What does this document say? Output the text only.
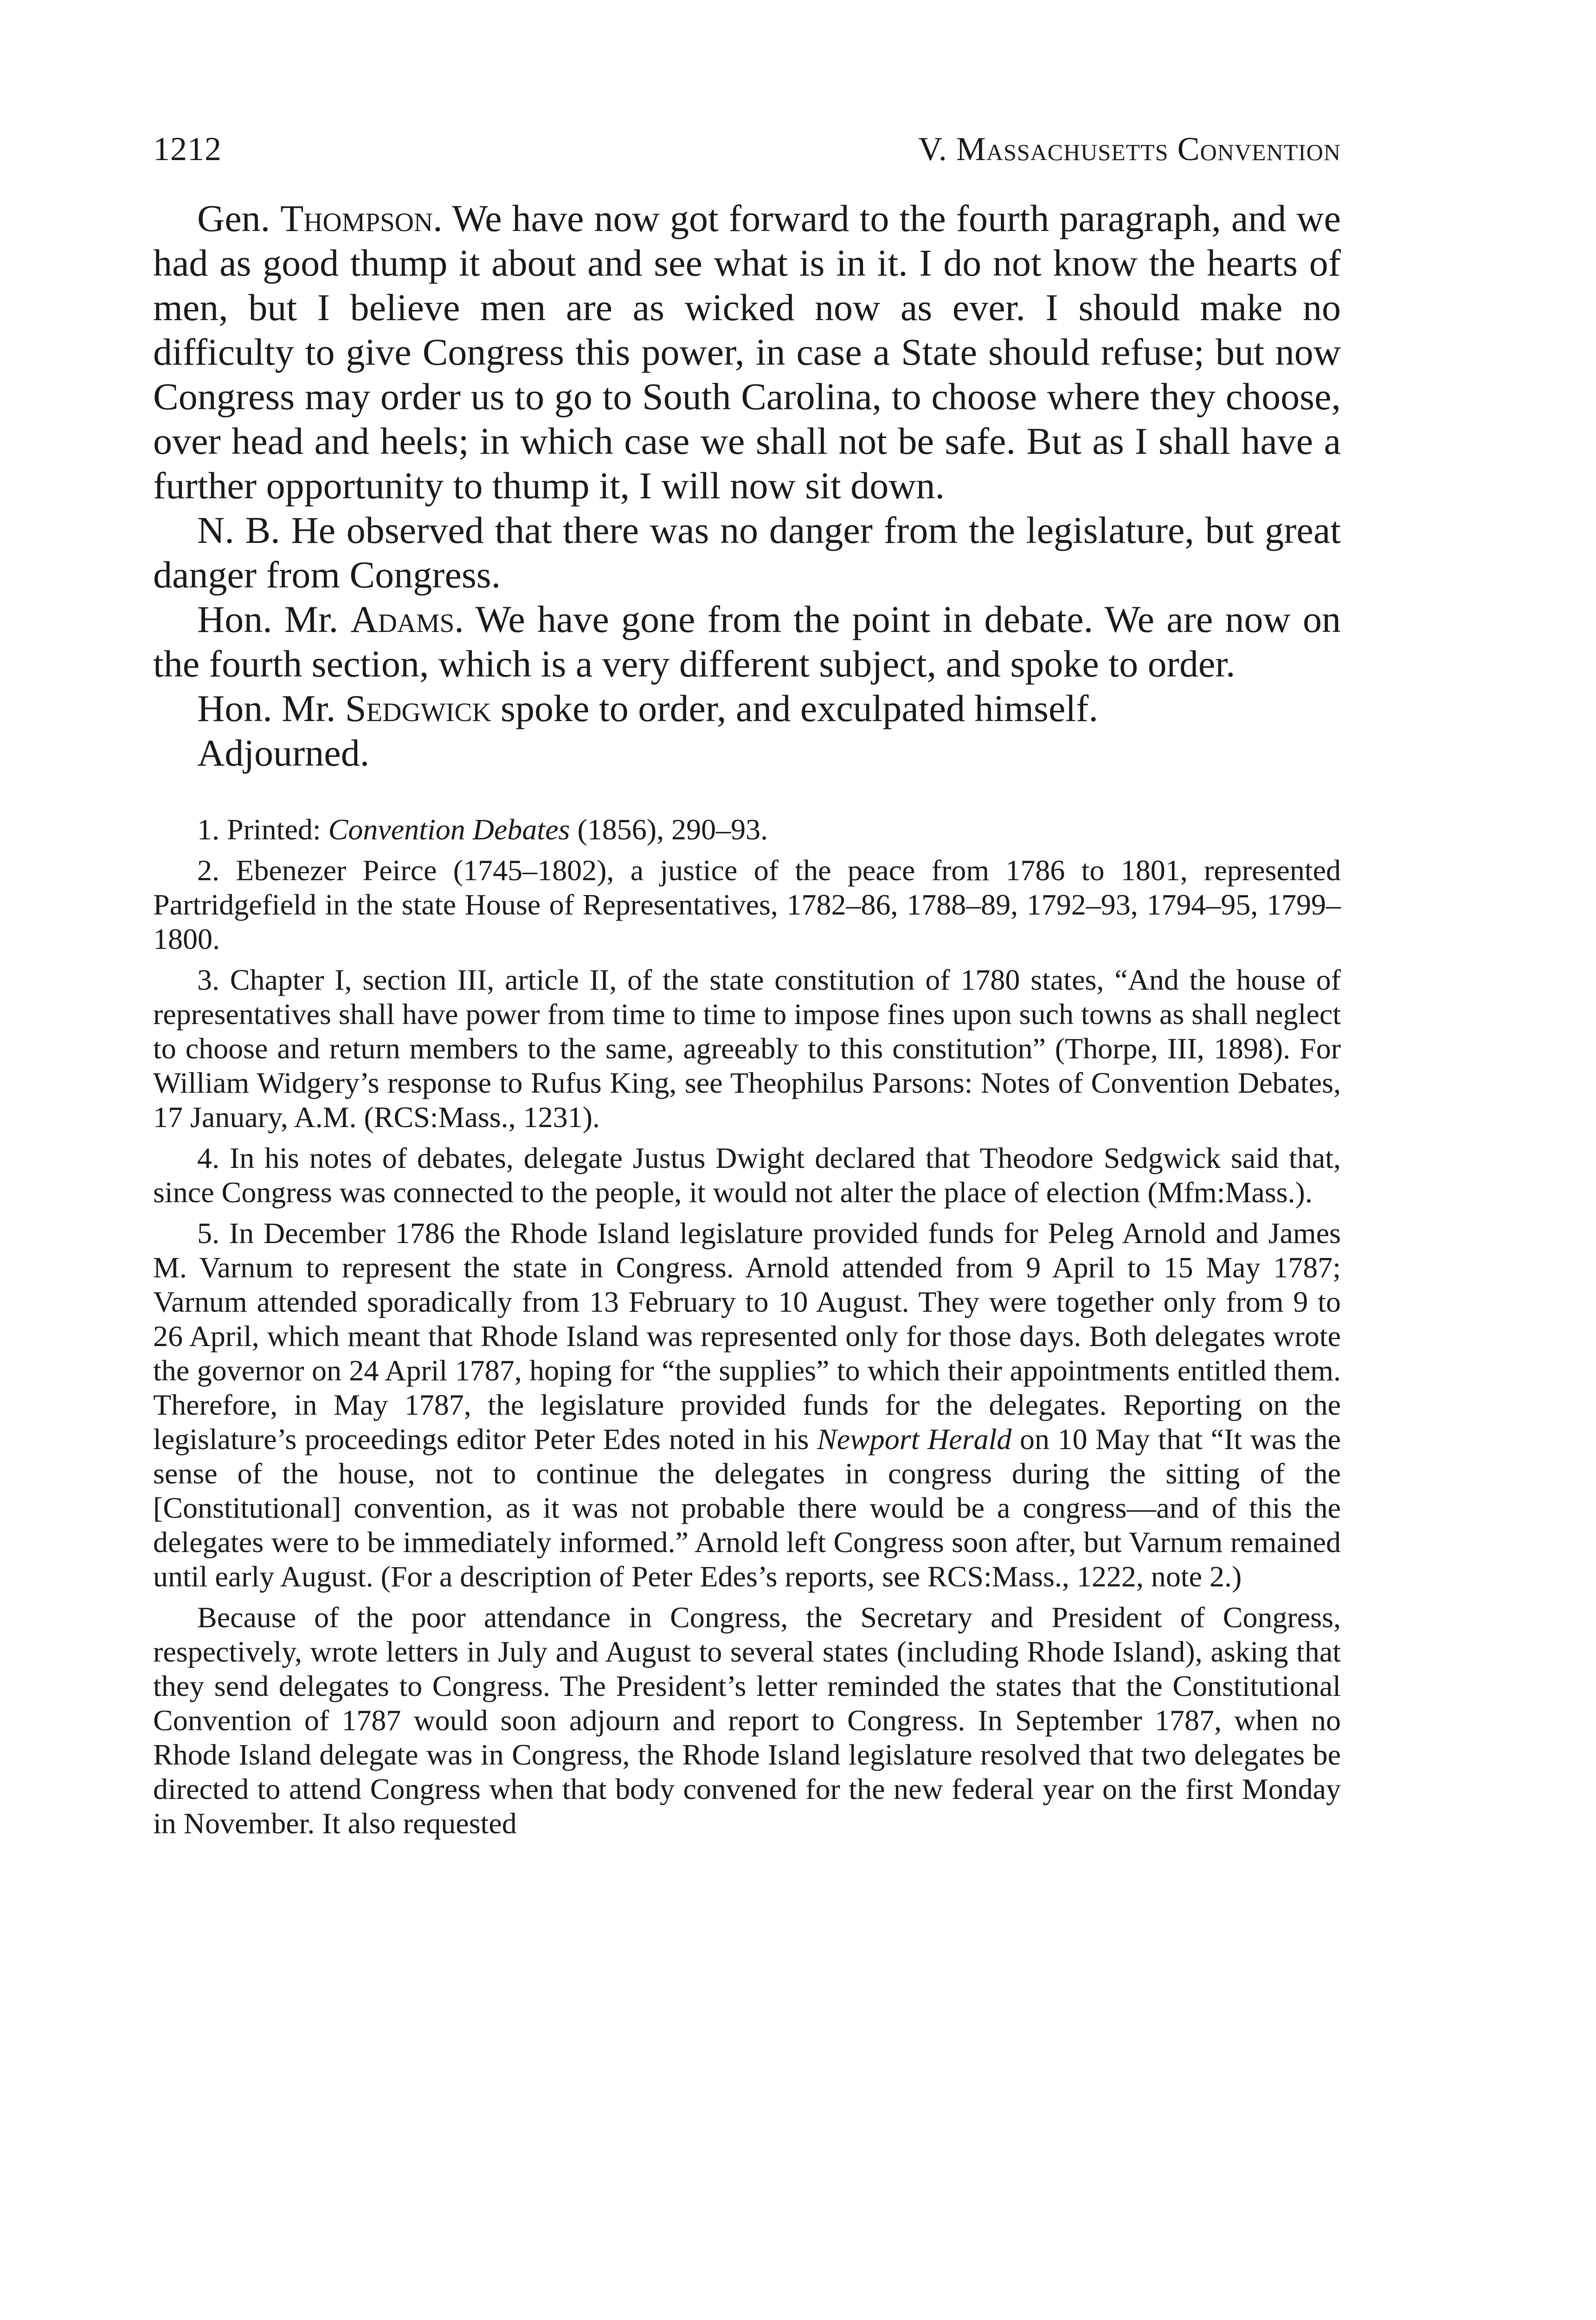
1212	V. Massachusetts Convention

Gen. Thompson. We have now got forward to the fourth paragraph, and we had as good thump it about and see what is in it. I do not know the hearts of men, but I believe men are as wicked now as ever. I should make no difficulty to give Congress this power, in case a State should refuse; but now Congress may order us to go to South Carolina, to choose where they choose, over head and heels; in which case we shall not be safe. But as I shall have a further opportunity to thump it, I will now sit down.

N. B. He observed that there was no danger from the legislature, but great danger from Congress.

Hon. Mr. Adams. We have gone from the point in debate. We are now on the fourth section, which is a very different subject, and spoke to order.

Hon. Mr. Sedgwick spoke to order, and exculpated himself.

Adjourned.

1. Printed: Convention Debates (1856), 290–93.

2. Ebenezer Peirce (1745–1802), a justice of the peace from 1786 to 1801, represented Partridgefield in the state House of Representatives, 1782–86, 1788–89, 1792–93, 1794–95, 1799–1800.

3. Chapter I, section III, article II, of the state constitution of 1780 states, “And the house of representatives shall have power from time to time to impose fines upon such towns as shall neglect to choose and return members to the same, agreeably to this constitution” (Thorpe, III, 1898). For William Widgery’s response to Rufus King, see Theophilus Parsons: Notes of Convention Debates, 17 January, A.M. (RCS:Mass., 1231).

4. In his notes of debates, delegate Justus Dwight declared that Theodore Sedgwick said that, since Congress was connected to the people, it would not alter the place of election (Mfm:Mass.).

5. In December 1786 the Rhode Island legislature provided funds for Peleg Arnold and James M. Varnum to represent the state in Congress. Arnold attended from 9 April to 15 May 1787; Varnum attended sporadically from 13 February to 10 August. They were together only from 9 to 26 April, which meant that Rhode Island was represented only for those days. Both delegates wrote the governor on 24 April 1787, hoping for “the supplies” to which their appointments entitled them. Therefore, in May 1787, the legislature provided funds for the delegates. Reporting on the legislature’s proceedings editor Peter Edes noted in his Newport Herald on 10 May that “It was the sense of the house, not to continue the delegates in congress during the sitting of the [Constitutional] convention, as it was not probable there would be a congress—and of this the delegates were to be immediately informed.” Arnold left Congress soon after, but Varnum remained until early August. (For a description of Peter Edes’s reports, see RCS:Mass., 1222, note 2.)

Because of the poor attendance in Congress, the Secretary and President of Congress, respectively, wrote letters in July and August to several states (including Rhode Island), asking that they send delegates to Congress. The President’s letter reminded the states that the Constitutional Convention of 1787 would soon adjourn and report to Congress. In September 1787, when no Rhode Island delegate was in Congress, the Rhode Island legislature resolved that two delegates be directed to attend Congress when that body convened for the new federal year on the first Monday in November. It also requested
